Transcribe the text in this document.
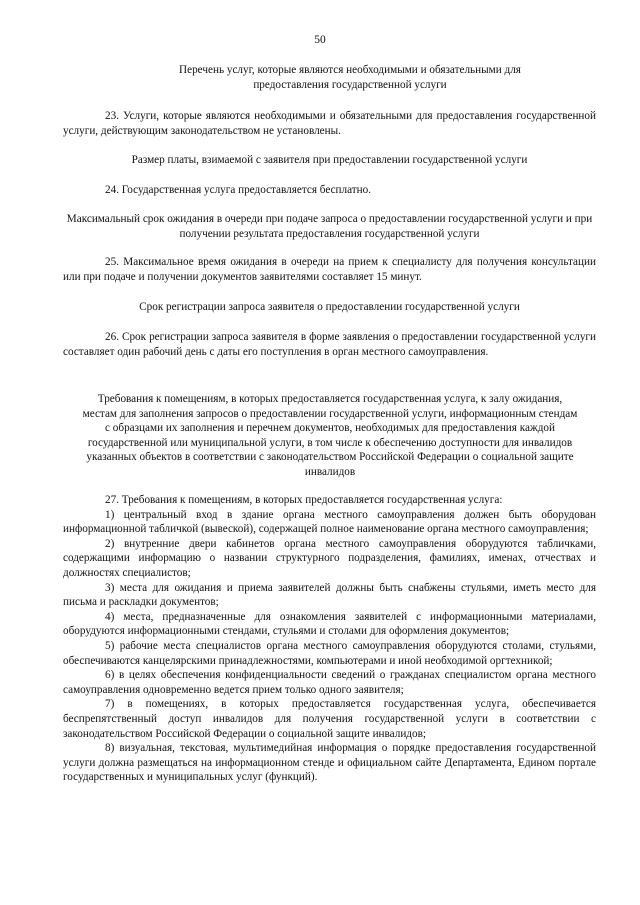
50

Перечень услуг, которые являются необходимыми и обязательными для предоставления государственной услуги

23. Услуги, которые являются необходимыми и обязательными для предоставления государственной услуги, действующим законодательством не установлены.

Размер платы, взимаемой с заявителя при предоставлении государственной услуги

24. Государственная услуга предоставляется бесплатно.

Максимальный срок ожидания в очереди при подаче запроса о предоставлении государственной услуги и при получении результата предоставления государственной услуги

25. Максимальное время ожидания в очереди на прием к специалисту для получения консультации или при подаче и получении документов заявителями составляет 15 минут.

Срок регистрации запроса заявителя о предоставлении государственной услуги

26. Срок регистрации запроса заявителя в форме заявления о предоставлении государственной услуги составляет один рабочий день с даты его поступления в орган местного самоуправления.

Требования к помещениям, в которых предоставляется государственная услуга, к залу ожидания, местам для заполнения запросов о предоставлении государственной услуги, информационным стендам с образцами их заполнения и перечнем документов, необходимых для предоставления каждой государственной или муниципальной услуги, в том числе к обеспечению доступности для инвалидов указанных объектов в соответствии с законодательством Российской Федерации о социальной защите инвалидов

27. Требования к помещениям, в которых предоставляется государственная услуга:

1) центральный вход в здание органа местного самоуправления должен быть оборудован информационной табличкой (вывеской), содержащей полное наименование органа местного самоуправления;

2) внутренние двери кабинетов органа местного самоуправления оборудуются табличками, содержащими информацию о названии структурного подразделения, фамилиях, именах, отчествах и должностях специалистов;

3) места для ожидания и приема заявителей должны быть снабжены стульями, иметь место для письма и раскладки документов;

4) места, предназначенные для ознакомления заявителей с информационными материалами, оборудуются информационными стендами, стульями и столами для оформления документов;

5) рабочие места специалистов органа местного самоуправления оборудуются столами, стульями, обеспечиваются канцелярскими принадлежностями, компьютерами и иной необходимой оргтехникой;

6) в целях обеспечения конфиденциальности сведений о гражданах специалистом органа местного самоуправления одновременно ведется прием только одного заявителя;

7) в помещениях, в которых предоставляется государственная услуга, обеспечивается беспрепятственный доступ инвалидов для получения государственной услуги в соответствии с законодательством Российской Федерации о социальной защите инвалидов;

8) визуальная, текстовая, мультимедийная информация о порядке предоставления государственной услуги должна размещаться на информационном стенде и официальном сайте Департамента, Едином портале государственных и муниципальных услуг (функций).
